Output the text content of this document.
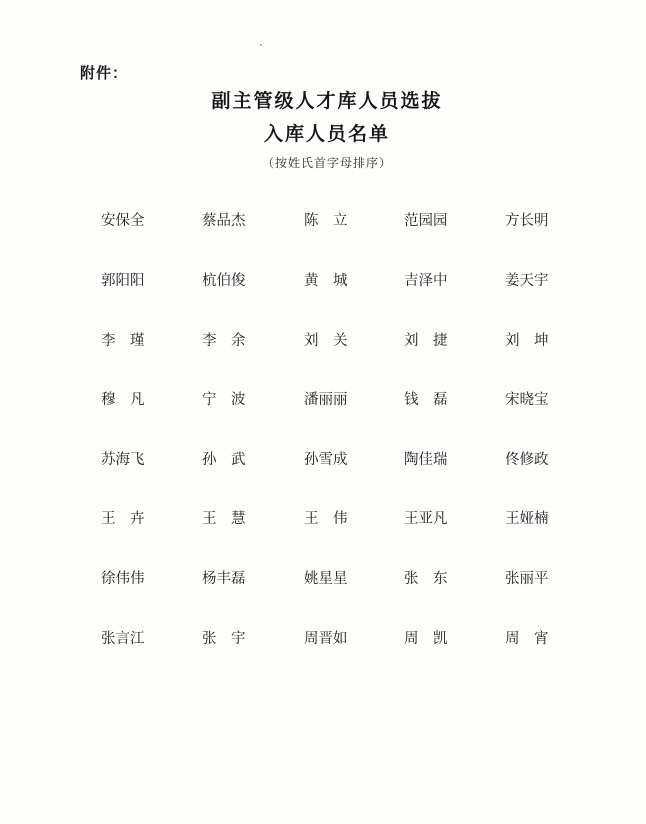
附件：
副主管级人才库人员选拔
入库人员名单
（按姓氏首字母排序）
安保全	蔡品杰	陈　立	范园园	方长明
郭阳阳	杭伯俊	黄　城	吉泽中	姜天宇
李　瑾	李　余	刘　关	刘　捷	刘　坤
穆　凡	宁　波	潘丽丽	钱　磊	宋晓宝
苏海飞	孙　武	孙雪成	陶佳瑞	佟修政
王　卉	王　慧	王　伟	王亚凡	王娅楠
徐伟伟	杨丰磊	姚星星	张　东	张丽平
张言江	张　宇	周晋如	周　凯	周　宵
